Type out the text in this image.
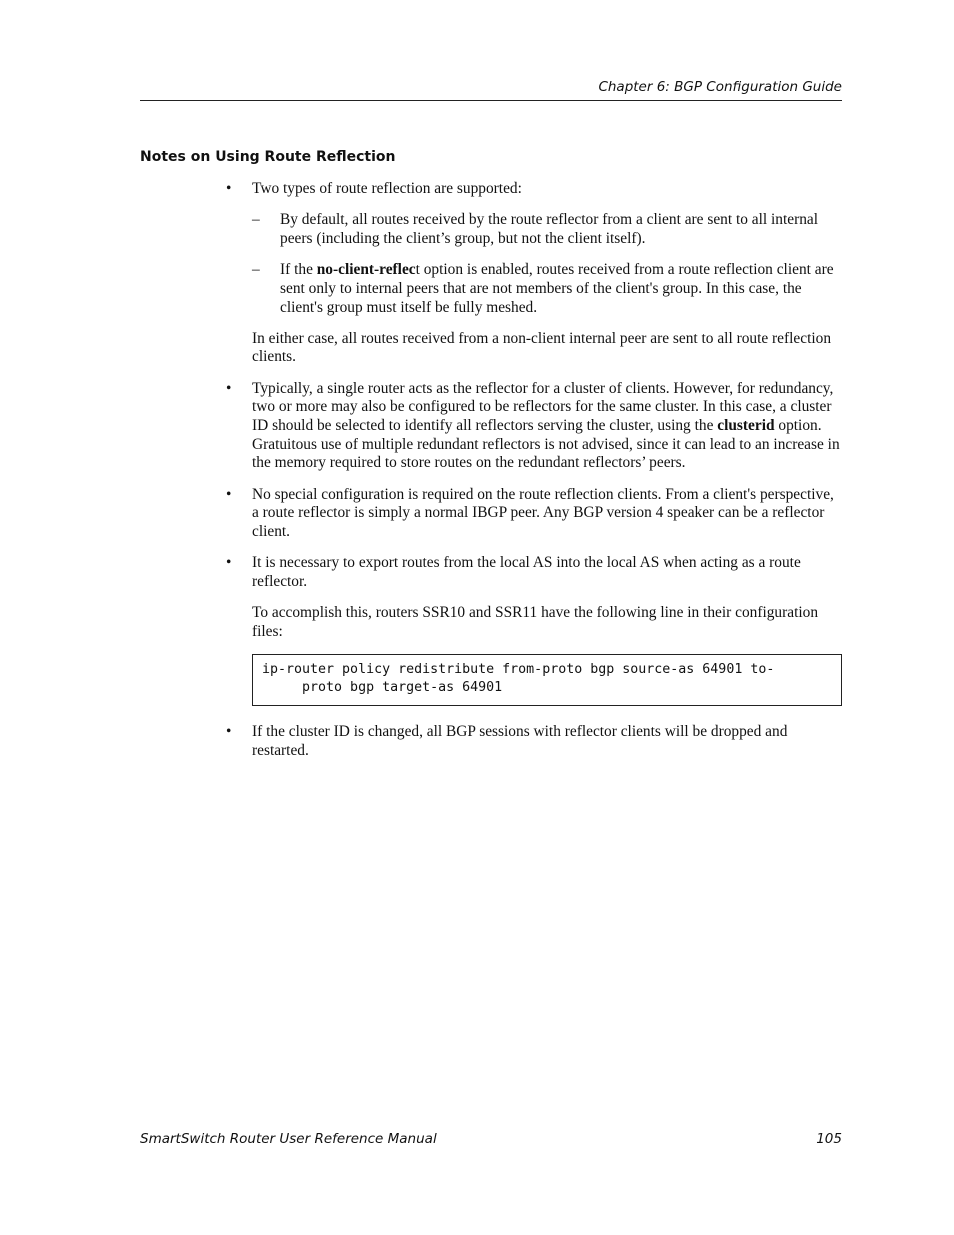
Chapter 6: BGP Configuration Guide
Notes on Using Route Reflection
•	Two types of route reflection are supported:
– By default, all routes received by the route reflector from a client are sent to all internal peers (including the client’s group, but not the client itself).
– If the no-client-reflect option is enabled, routes received from a route reflection client are sent only to internal peers that are not members of the client's group. In this case, the client's group must itself be fully meshed.

In either case, all routes received from a non-client internal peer are sent to all route reflection clients.

•	Typically, a single router acts as the reflector for a cluster of clients. However, for redundancy, two or more may also be configured to be reflectors for the same cluster. In this case, a cluster ID should be selected to identify all reflectors serving the cluster, using the clusterid option. Gratuitous use of multiple redundant reflectors is not advised, since it can lead to an increase in the memory required to store routes on the redundant reflectors’ peers.
•	No special configuration is required on the route reflection clients. From a client's perspective, a route reflector is simply a normal IBGP peer. Any BGP version 4 speaker can be a reflector client.
•	It is necessary to export routes from the local AS into the local AS when acting as a route reflector.

To accomplish this, routers SSR10 and SSR11 have the following line in their configuration files:

ip-router policy redistribute from-proto bgp source-as 64901 to-
proto bgp target-as 64901
•	If the cluster ID is changed, all BGP sessions with reflector clients will be dropped and restarted.
SmartSwitch Router User Reference Manual	105
